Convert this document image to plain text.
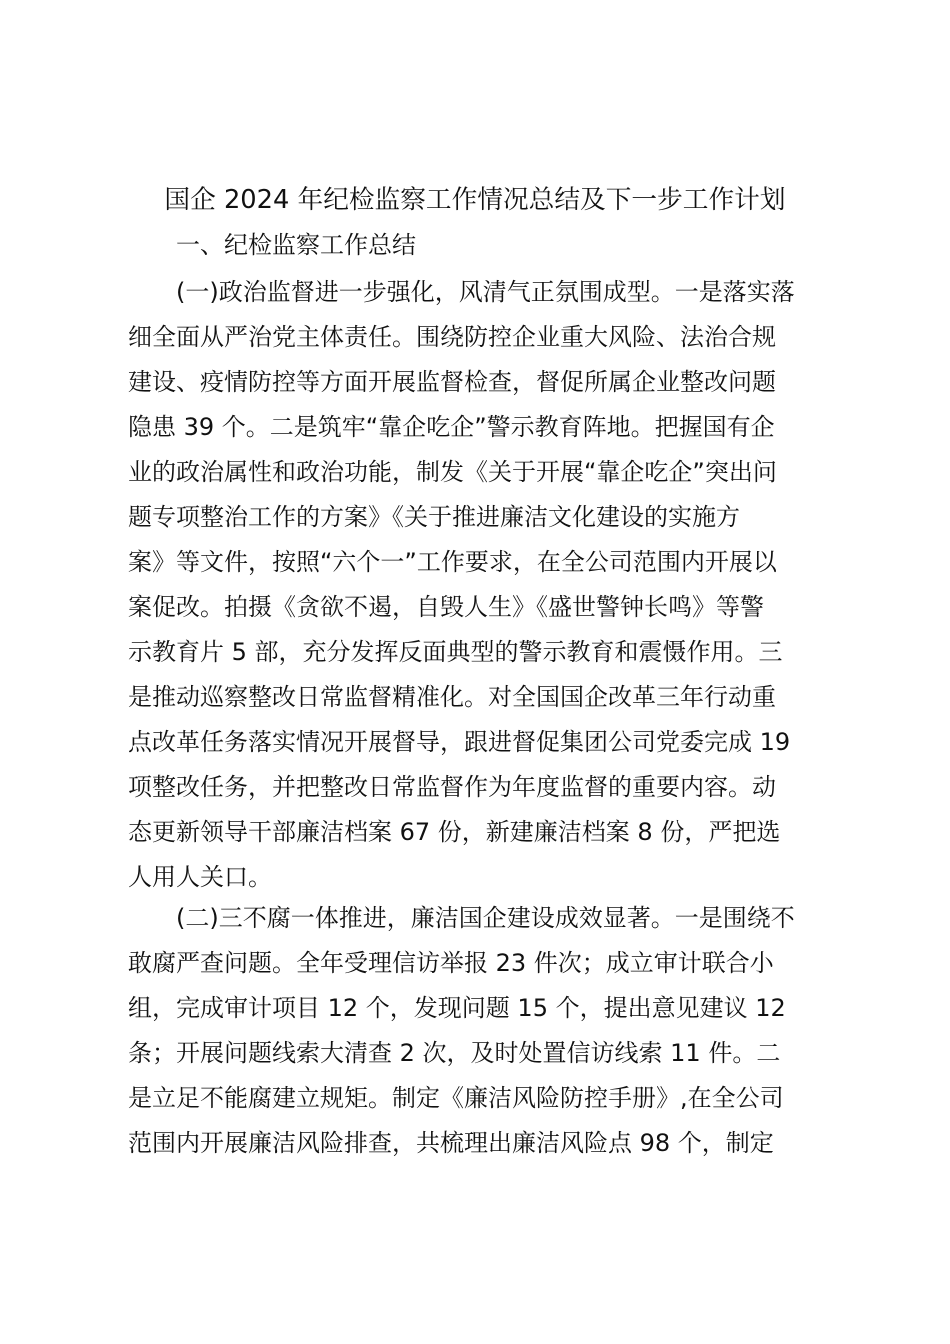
国企 2024 年纪检监察工作情况总结及下一步工作计划
一、纪检监察工作总结
(一)政治监督进一步强化，风清气正氛围成型。一是落实落
细全面从严治党主体责任。围绕防控企业重大风险、法治合规
建设、疫情防控等方面开展监督检查，督促所属企业整改问题
隐患 39 个。二是筑牢“靠企吃企”警示教育阵地。把握国有企
业的政治属性和政治功能，制发《关于开展“靠企吃企”突出问
题专项整治工作的方案》《关于推进廉洁文化建设的实施方
案》等文件，按照“六个一”工作要求，在全公司范围内开展以
案促改。拍摄《贪欲不遏，自毁人生》《盛世警钟长鸣》等警
示教育片 5 部，充分发挥反面典型的警示教育和震慑作用。三
是推动巡察整改日常监督精准化。对全国国企改革三年行动重
点改革任务落实情况开展督导，跟进督促集团公司党委完成 19
项整改任务，并把整改日常监督作为年度监督的重要内容。动
态更新领导干部廉洁档案 67 份，新建廉洁档案 8 份，严把选
人用人关口。
(二)三不腐一体推进，廉洁国企建设成效显著。一是围绕不
敢腐严查问题。全年受理信访举报 23 件次；成立审计联合小
组，完成审计项目 12 个，发现问题 15 个，提出意见建议 12
条；开展问题线索大清查 2 次，及时处置信访线索 11 件。二
是立足不能腐建立规矩。制定《廉洁风险防控手册》,在全公司
范围内开展廉洁风险排查，共梳理出廉洁风险点 98 个，制定
